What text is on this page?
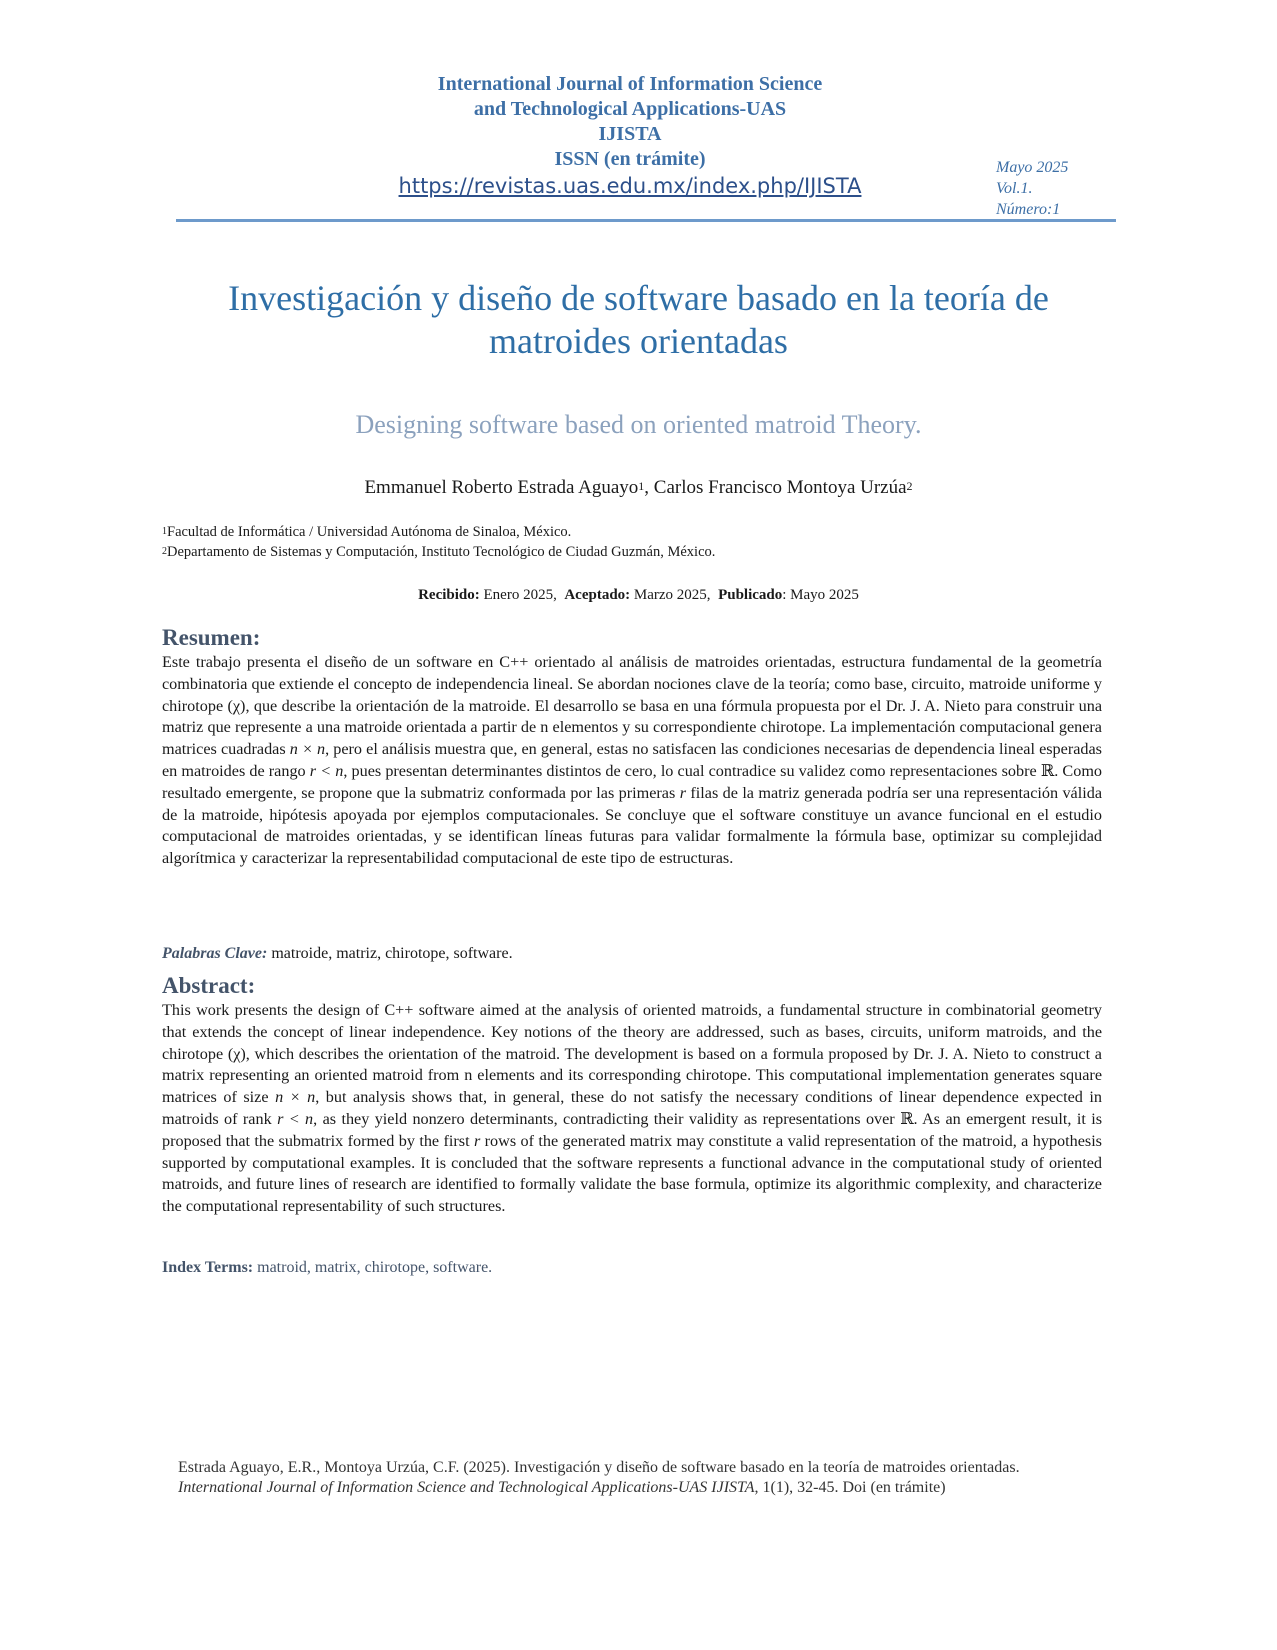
International Journal of Information Science
and Technological Applications-UAS
IJISTA
ISSN (en trámite)
https://revistas.uas.edu.mx/index.php/IJISTA
Mayo 2025
Vol.1.
Número:1
Investigación y diseño de software basado en la teoría de
matroides orientadas
Designing software based on oriented matroid Theory.
Emmanuel Roberto Estrada Aguayo$^1$, Carlos Francisco Montoya Urzúa$^2$
$^1$Facultad de Informática / Universidad Autónoma de Sinaloa, México.
$^2$Departamento de Sistemas y Computación, Instituto Tecnológico de Ciudad Guzmán, México.
Recibido: Enero 2025, Aceptado: Marzo 2025, Publicado: Mayo 2025
Resumen:
Este trabajo presenta el diseño de un software en C++ orientado al análisis de matroides orientadas, estructura fundamental de la geometría combinatoria que extiende el concepto de independencia lineal. Se abordan nociones clave de la teoría; como base, circuito, matroide uniforme y chirotope (χ), que describe la orientación de la matroide. El desarrollo se basa en una fórmula propuesta por el Dr. J. A. Nieto para construir una matriz que represente a una matroide orientada a partir de n elementos y su correspondiente chirotope. La implementación computacional genera matrices cuadradas n × n, pero el análisis muestra que, en general, estas no satisfacen las condiciones necesarias de dependencia lineal esperadas en matroides de rango r < n, pues presentan determinantes distintos de cero, lo cual contradice su validez como representaciones sobre ℝ. Como resultado emergente, se propone que la submatriz conformada por las primeras r filas de la matriz generada podría ser una representación válida de la matroide, hipótesis apoyada por ejemplos computacionales. Se concluye que el software constituye un avance funcional en el estudio computacional de matroides orientadas, y se identifican líneas futuras para validar formalmente la fórmula base, optimizar su complejidad algorítmica y caracterizar la representabilidad computacional de este tipo de estructuras.
Palabras Clave: matroide, matriz, chirotope, software.
Abstract:
This work presents the design of C++ software aimed at the analysis of oriented matroids, a fundamental structure in combinatorial geometry that extends the concept of linear independence. Key notions of the theory are addressed, such as bases, circuits, uniform matroids, and the chirotope (χ), which describes the orientation of the matroid. The development is based on a formula proposed by Dr. J. A. Nieto to construct a matrix representing an oriented matroid from n elements and its corresponding chirotope. This computational implementation generates square matrices of size n × n, but analysis shows that, in general, these do not satisfy the necessary conditions of linear dependence expected in matroids of rank r < n, as they yield nonzero determinants, contradicting their validity as representations over ℝ. As an emergent result, it is proposed that the submatrix formed by the first r rows of the generated matrix may constitute a valid representation of the matroid, a hypothesis supported by computational examples. It is concluded that the software represents a functional advance in the computational study of oriented matroids, and future lines of research are identified to formally validate the base formula, optimize its algorithmic complexity, and characterize the computational representability of such structures.
Index Terms: matroid, matrix, chirotope, software.
Estrada Aguayo, E.R., Montoya Urzúa, C.F. (2025). Investigación y diseño de software basado en la teoría de matroides orientadas. International Journal of Information Science and Technological Applications-UAS IJISTA, 1(1), 32-45. Doi (en trámite)
